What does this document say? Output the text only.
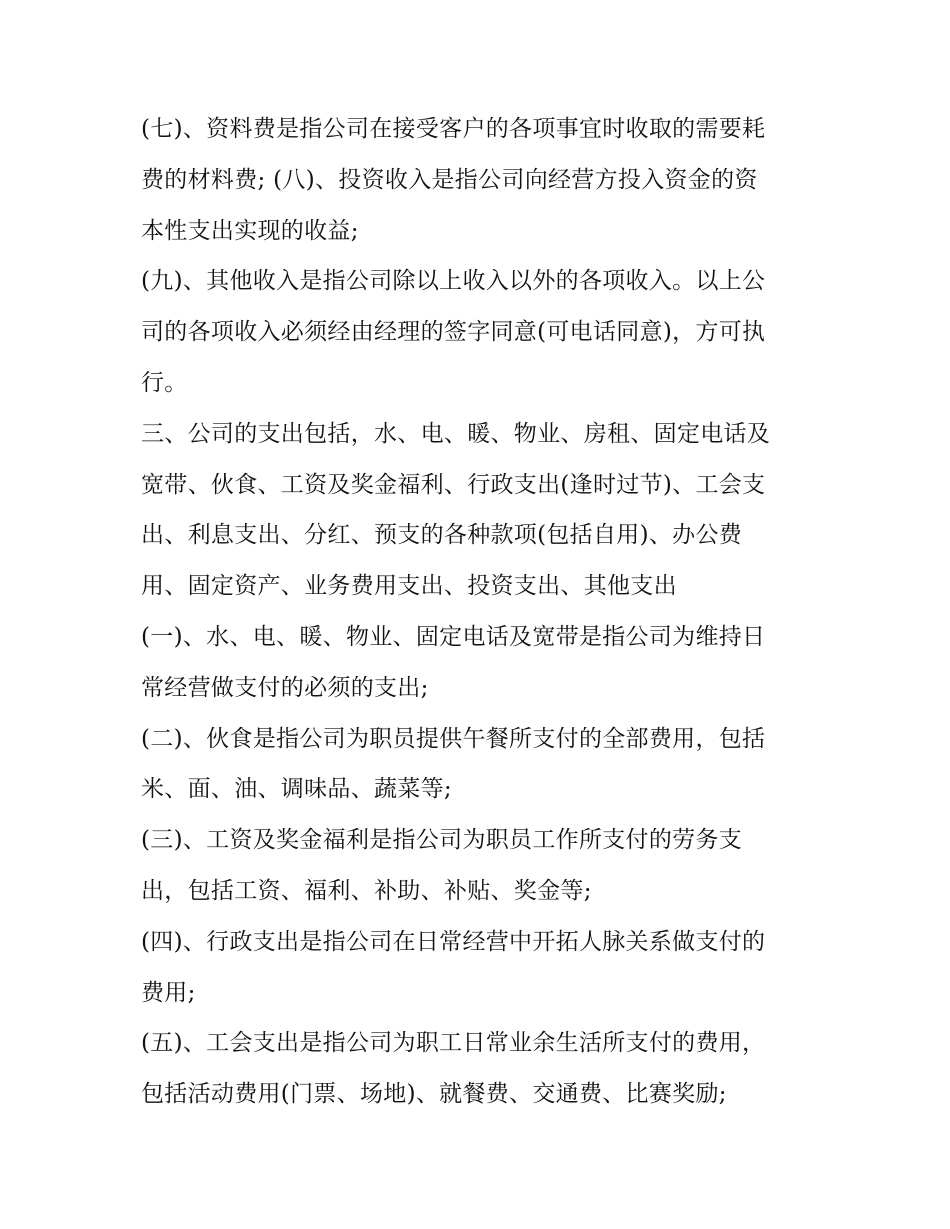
(七)、资料费是指公司在接受客户的各项事宜时收取的需要耗
费的材料费; (八)、投资收入是指公司向经营方投入资金的资
本性支出实现的收益;
(九)、其他收入是指公司除以上收入以外的各项收入。以上公
司的各项收入必须经由经理的签字同意(可电话同意)，方可执
行。
三、公司的支出包括，水、电、暖、物业、房租、固定电话及
宽带、伙食、工资及奖金福利、行政支出(逢时过节)、工会支
出、利息支出、分红、预支的各种款项(包括自用)、办公费
用、固定资产、业务费用支出、投资支出、其他支出
(一)、水、电、暖、物业、固定电话及宽带是指公司为维持日
常经营做支付的必须的支出;
(二)、伙食是指公司为职员提供午餐所支付的全部费用，包括
米、面、油、调味品、蔬菜等;
(三)、工资及奖金福利是指公司为职员工作所支付的劳务支
出，包括工资、福利、补助、补贴、奖金等;
(四)、行政支出是指公司在日常经营中开拓人脉关系做支付的
费用;
(五)、工会支出是指公司为职工日常业余生活所支付的费用，
包括活动费用(门票、场地)、就餐费、交通费、比赛奖励;
